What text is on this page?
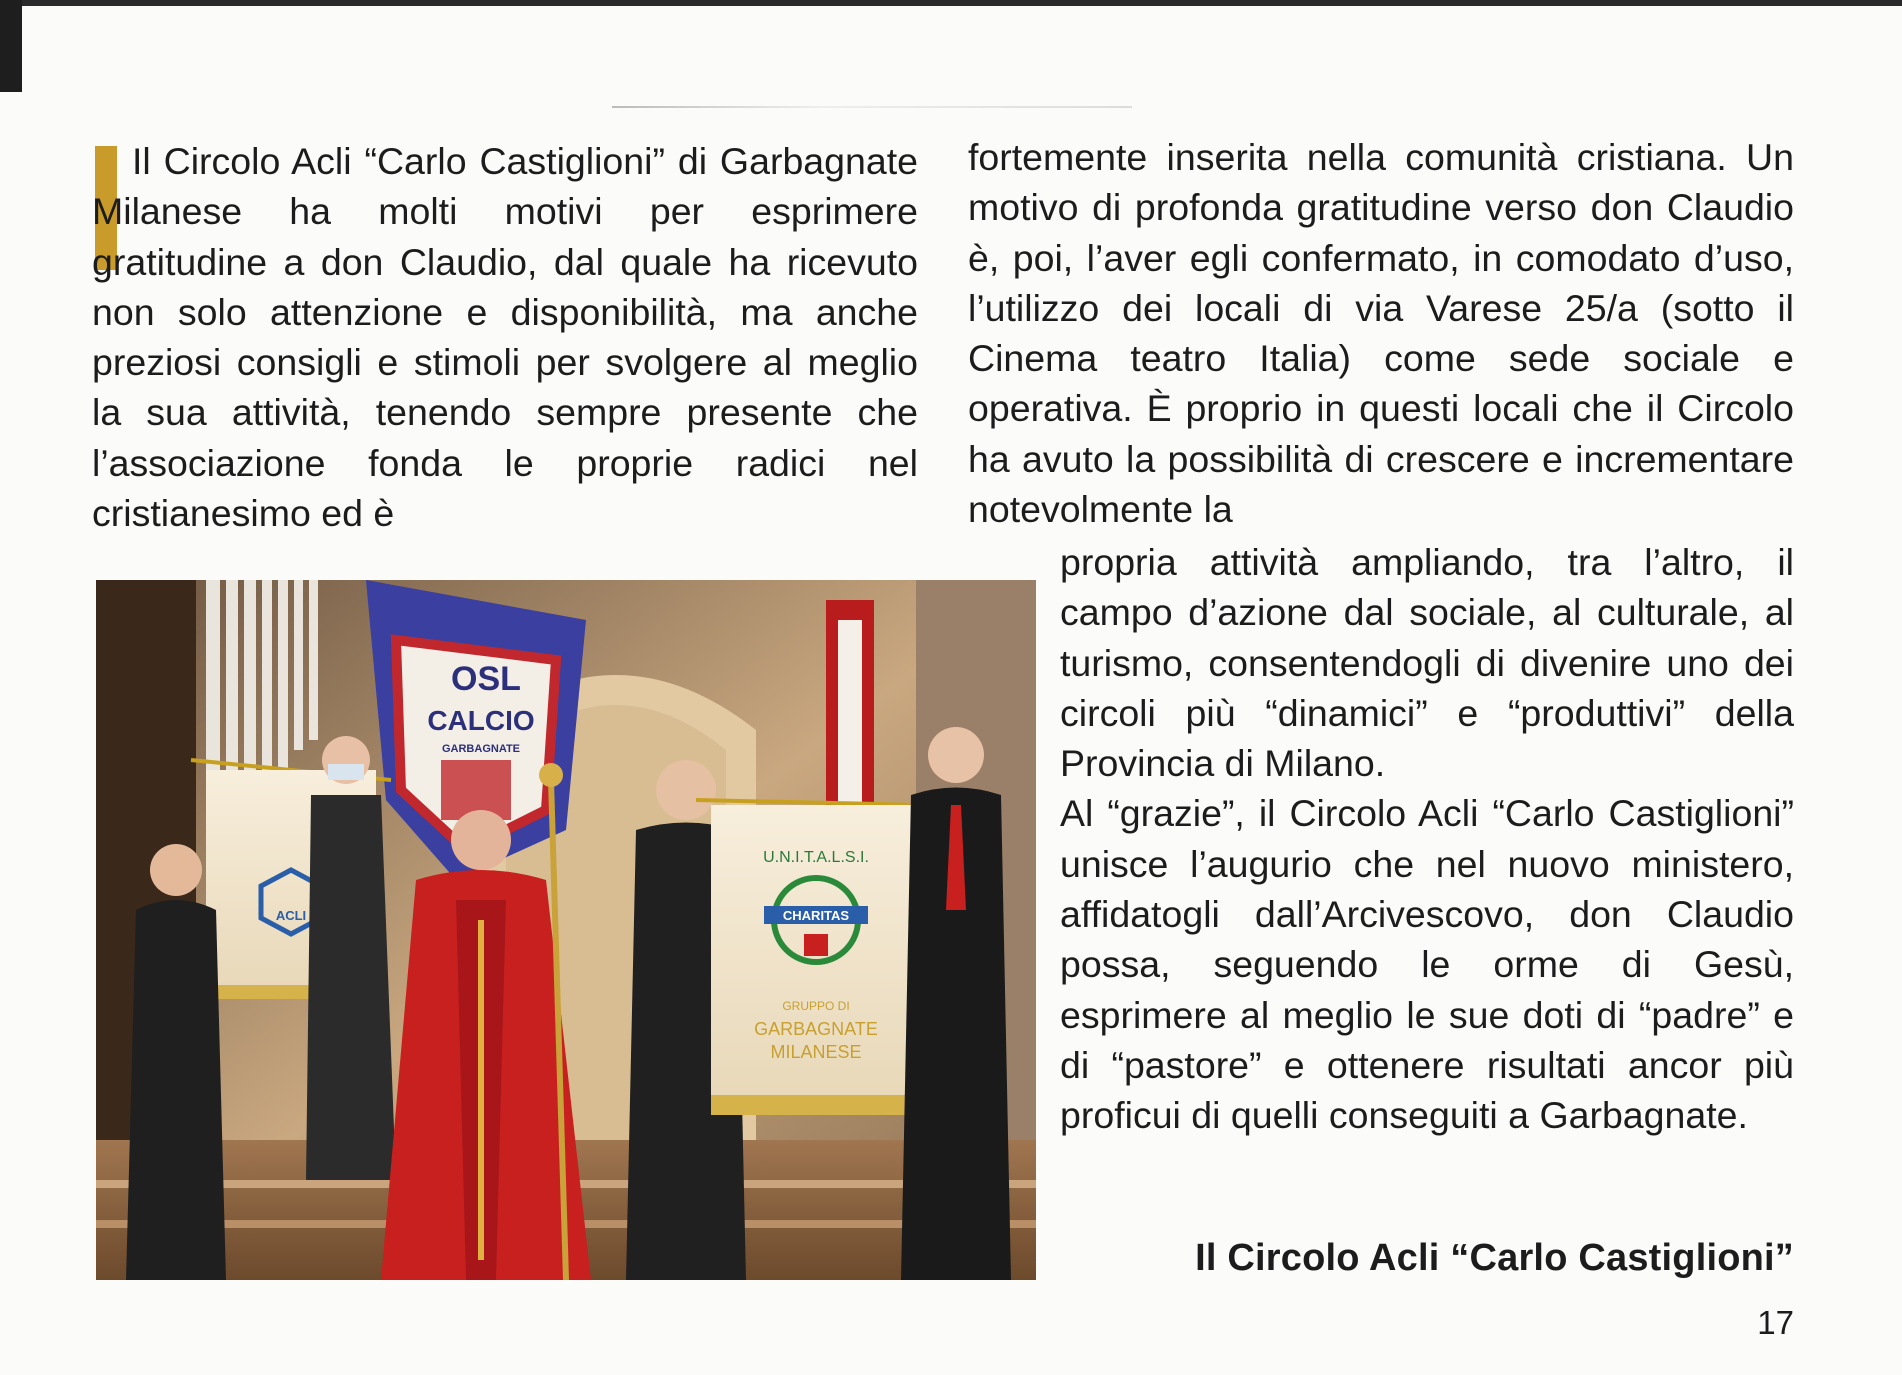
Il Circolo Acli “Carlo Castiglioni” di Garbagnate Milanese ha molti motivi per esprimere gratitudine a don Claudio, dal quale ha ricevuto non solo attenzione e disponibilità, ma anche preziosi consigli e stimoli per svolgere al meglio la sua attività, tenendo sempre presente che l’associazione fonda le proprie radici nel cristianesimo ed è

fortemente inserita nella comunità cristiana. Un motivo di profonda gratitudine verso don Claudio è, poi, l’aver egli confermato, in comodato d’uso, l’utilizzo dei locali di via Varese 25/a (sotto il Cinema teatro Italia) come sede sociale e operativa. È proprio in questi locali che il Circolo ha avuto la possibilità di crescere e incrementare notevolmente la

propria attività ampliando, tra l’altro, il campo d’azione dal sociale, al culturale, al turismo, consentendogli di divenire uno dei circoli più “dinamici” e “produttivi” della Provincia di Milano.

Al “grazie”, il Circolo Acli “Carlo Castiglioni” unisce l’augurio che nel nuovo ministero, affidatogli dall’Arcivescovo, don Claudio possa, seguendo le orme di Gesù, esprimere al meglio le sue doti di “padre” e di “pastore” e ottenere risultati ancor più proficui di quelli conseguiti a Garbagnate.

Il Circolo Acli “Carlo Castiglioni”
17
OSL
CALCIO
GARBAGNATE
ACLI
U.N.I.T.A.L.S.I.
CHARITAS
GRUPPO DI
GARBAGNATE
MILANESE
